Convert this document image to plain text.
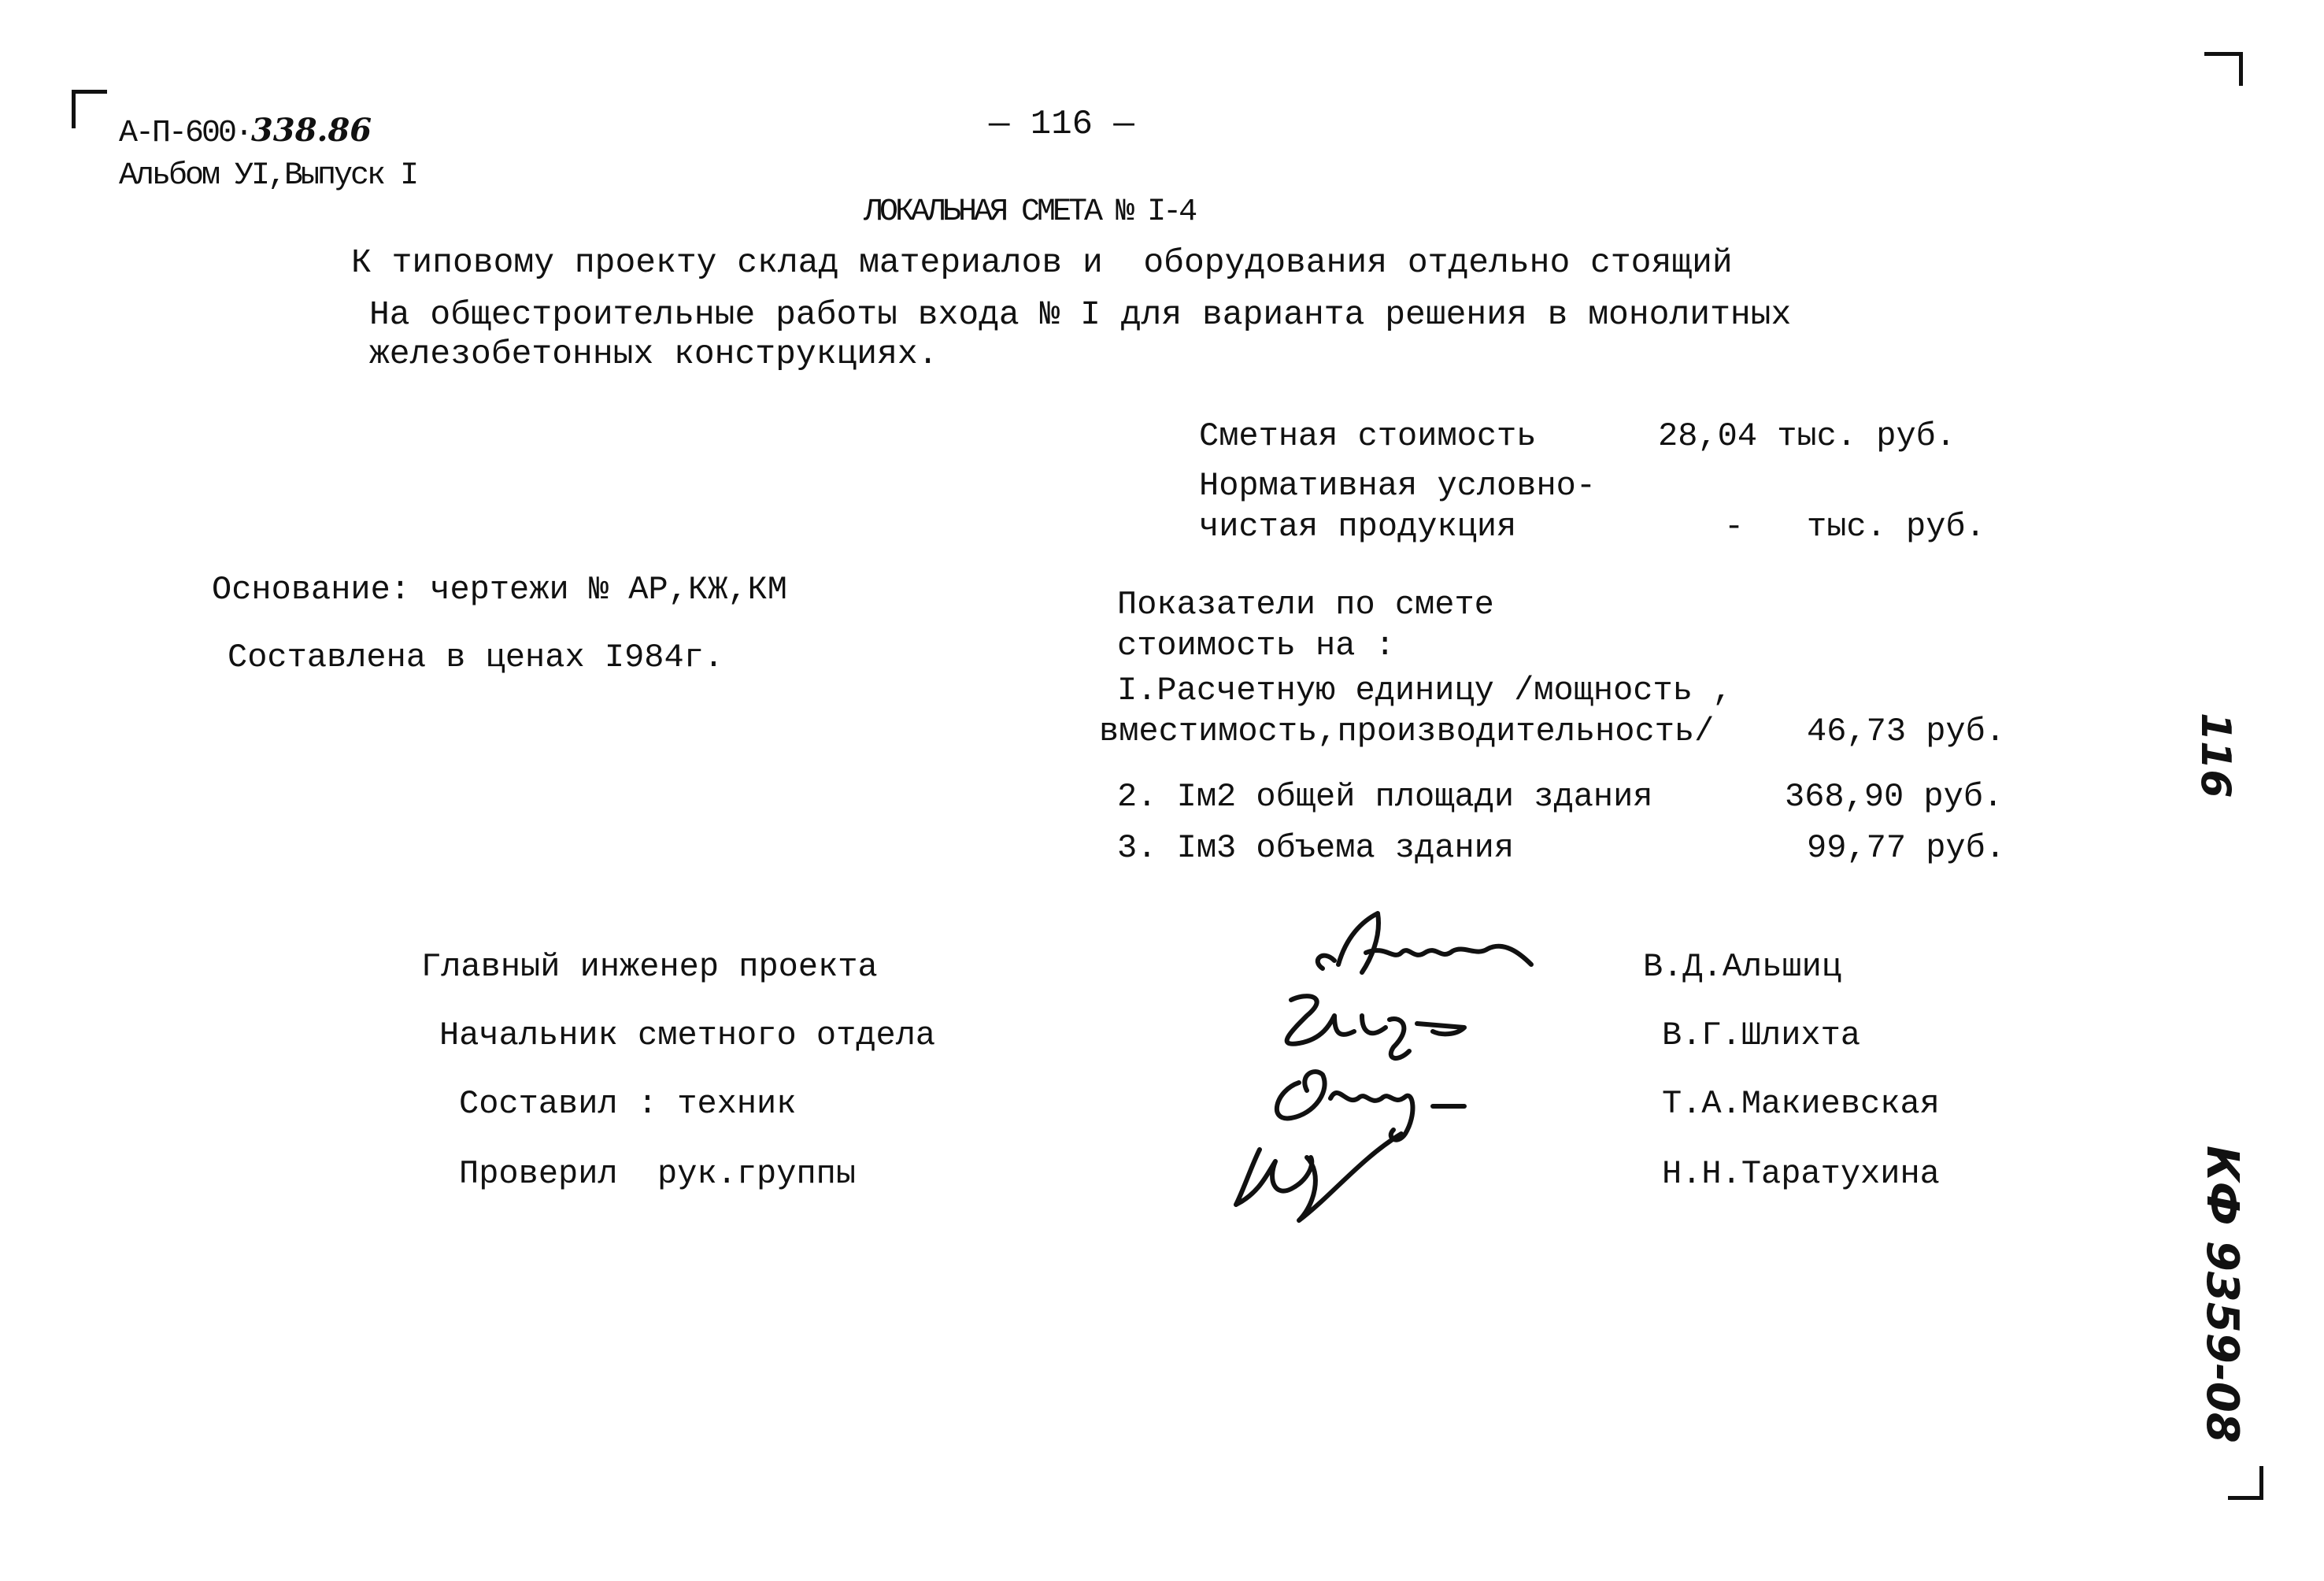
А-П-600·338.86
Альбом УI,Выпуск I
— 116 —
ЛОКАЛЬНАЯ СМЕТА № I-4
К типовому проекту склад материалов и  оборудования отдельно стоящий
На общестроительные работы входа № I для варианта решения в монолитных
железобетонных конструкциях.
Сметная стоимость	28,04 тыс. руб.
Нормативная условно-
чистая продукция	- тыс. руб.
Основание: чертежи № АР,КЖ,КМ
Составлена в ценах I984г.
Показатели по смете
стоимость на :
I.Расчетную единицу /мощность ,
вместимость,производительность/	46,73 руб.
2. Iм2 общей площади здания	368,90 руб.
3. Iм3 объема здания	99,77 руб.
Главный инженер проекта	В.Д.Альшиц
Начальник сметного отдела	В.Г.Шлихта
Составил : техник	Т.А.Макиевская
Проверил  рук.группы	Н.Н.Таратухина
116
КФ 9359-08
